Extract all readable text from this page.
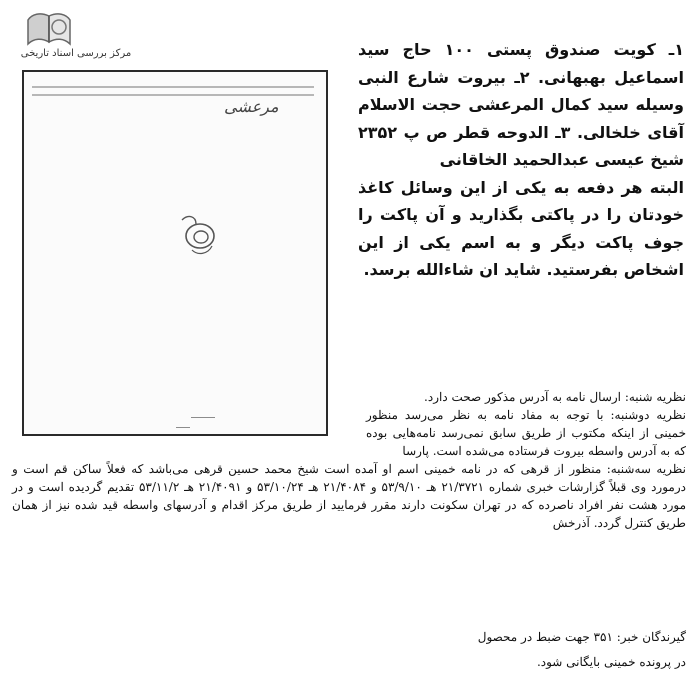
مرکز بررسی اسناد تاریخی
مرعشی

۱ـ کویت صندوق پستی ۱۰۰ حاج سید اسماعیل بهبهانی. ۲ـ بیروت شارع النبی وسیله سید کمال المرعشی حجت الاسلام آقای خلخالی. ۳ـ الدوحه قطر ص پ ۲۳۵۲ شیخ عیسی عبدالحمید الخاقانی

البته هر دفعه به یکی از این وسائل کاغذ خودتان را در پاکتی بگذارید و آن پاکت را جوف پاکت دیگر و به اسم یکی از این اشخاص بفرستید. شاید ان شاءالله برسد.

نظریه شنبه: ارسال نامه به آدرس مذکور صحت دارد.

نظریه دوشنبه: با توجه به مفاد نامه به نظر می‌رسد منظور خمینی از اینکه مکتوب از طریق سابق نمی‌رسد نامه‌هایی بوده که به آدرس واسطه بیروت فرستاده می‌شده است. پارسا

نظریه سه‌شنبه: منظور از قرهی که در نامه خمینی اسم او آمده است شیخ محمد حسین قرهی می‌باشد که فعلاً ساکن قم است و درمورد وی قبلاً گزارشات خبری شماره ۲۱/۳۷۲۱ هـ ۵۳/۹/۱۰ و ۲۱/۴۰۸۴ هـ ۵۳/۱۰/۲۴ و ۲۱/۴۰۹۱ هـ ۵۳/۱۱/۲ تقدیم گردیده است و در مورد هشت نفر افراد ناصرده که در تهران سکونت دارند مقرر فرمایید از طریق مرکز اقدام و آدرسهای واسطه قید شده نیز از همان طریق کنترل گردد. آذرخش

گیرندگان خبر: ۳۵۱ جهت ضبط در محصول

در پرونده خمینی بایگانی شود.
